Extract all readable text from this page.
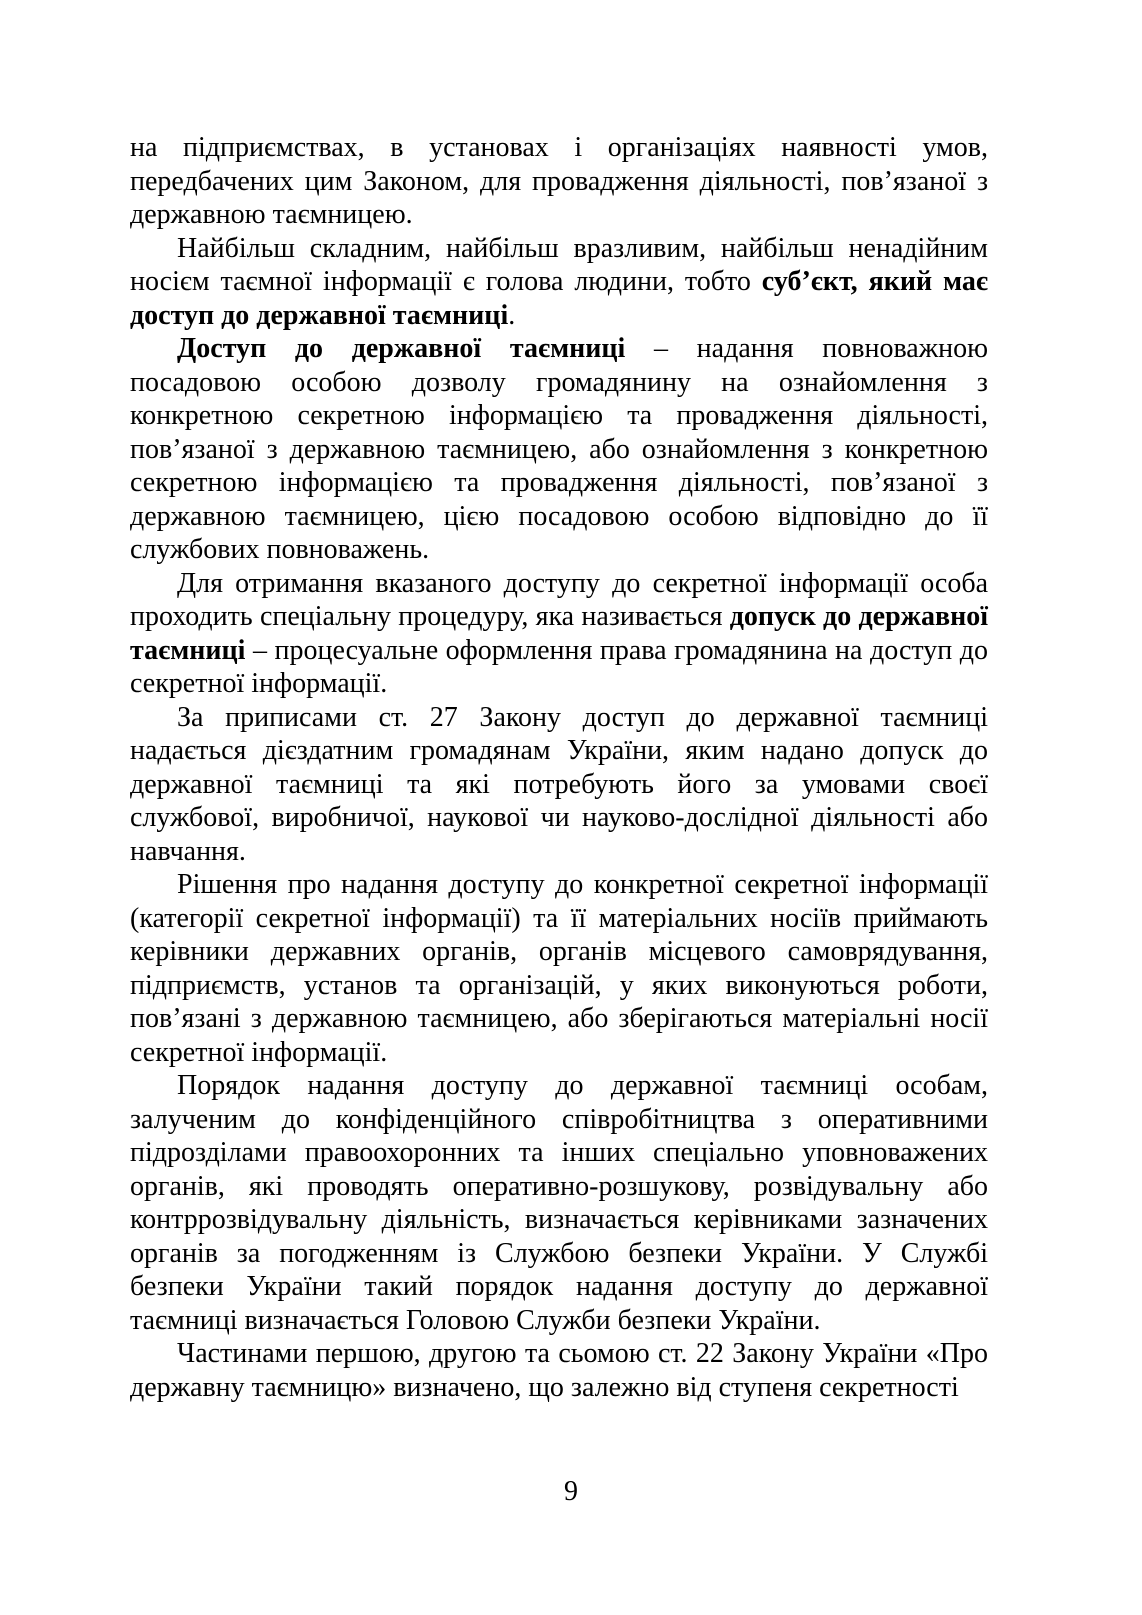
на підприємствах, в установах і організаціях наявності умов, передбачених цим Законом, для провадження діяльності, пов’язаної з державною таємницею.

Найбільш складним, найбільш вразливим, найбільш ненадійним носієм таємної інформації є голова людини, тобто суб’єкт, який має доступ до державної таємниці.

Доступ до державної таємниці – надання повноважною посадовою особою дозволу громадянину на ознайомлення з конкретною секретною інформацією та провадження діяльності, пов’язаної з державною таємницею, або ознайомлення з конкретною секретною інформацією та провадження діяльності, пов’язаної з державною таємницею, цією посадовою особою відповідно до її службових повноважень.

Для отримання вказаного доступу до секретної інформації особа проходить спеціальну процедуру, яка називається допуск до державної таємниці – процесуальне оформлення права громадянина на доступ до секретної інформації.

За приписами ст. 27 Закону доступ до державної таємниці надається дієздатним громадянам України, яким надано допуск до державної таємниці та які потребують його за умовами своєї службової, виробничої, наукової чи науково-дослідної діяльності або навчання.

Рішення про надання доступу до конкретної секретної інформації (категорії секретної інформації) та її матеріальних носіїв приймають керівники державних органів, органів місцевого самоврядування, підприємств, установ та організацій, у яких виконуються роботи, пов’язані з державною таємницею, або зберігаються матеріальні носії секретної інформації.

Порядок надання доступу до державної таємниці особам, залученим до конфіденційного співробітництва з оперативними підрозділами правоохоронних та інших спеціально уповноважених органів, які проводять оперативно-розшукову, розвідувальну або контррозвідувальну діяльність, визначається керівниками зазначених органів за погодженням із Службою безпеки України. У Службі безпеки України такий порядок надання доступу до державної таємниці визначається Головою Служби безпеки України.

Частинами першою, другою та сьомою ст. 22 Закону України «Про державну таємницю» визначено, що залежно від ступеня секретності

9
